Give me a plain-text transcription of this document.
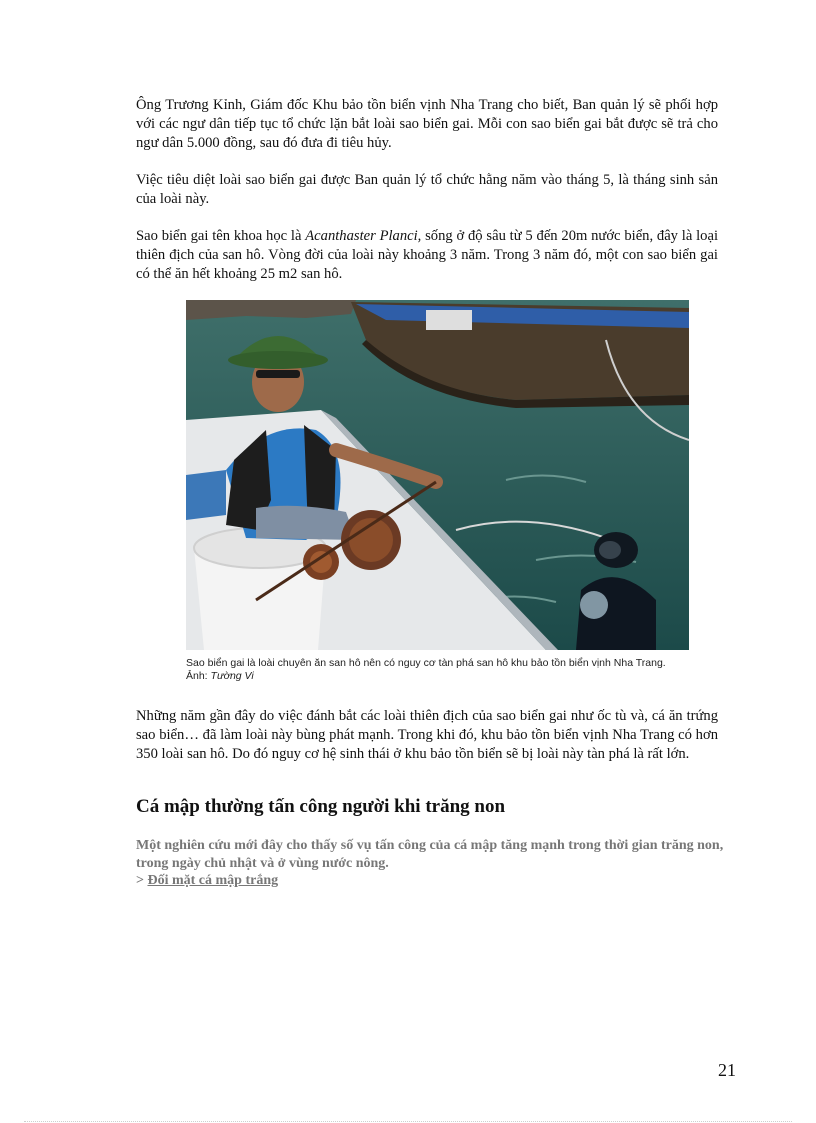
Ông Trương Kỉnh, Giám đốc Khu bảo tồn biển vịnh Nha Trang cho biết, Ban quản lý sẽ phối hợp với các ngư dân tiếp tục tổ chức lặn bắt loài sao biển gai. Mỗi con sao biển gai bắt được sẽ trả cho ngư dân 5.000 đồng, sau đó đưa đi tiêu hủy.

Việc tiêu diệt loài sao biển gai được Ban quản lý tổ chức hằng năm vào tháng 5, là tháng sinh sản của loài này.

Sao biển gai tên khoa học là Acanthaster Planci, sống ở độ sâu từ 5 đến 20m nước biển, đây là loại thiên địch của san hô. Vòng đời của loài này khoảng 3 năm. Trong 3 năm đó, một con sao biển gai có thể ăn hết khoảng 25 m2 san hô.

Sao biển gai là loài chuyên ăn san hô nên có nguy cơ tàn phá san hô khu bảo tồn biển vịnh Nha Trang. Ảnh: Tường Vi

Những năm gần đây do việc đánh bắt các loài thiên địch của sao biển gai như ốc tù và, cá ăn trứng sao biển… đã làm loài này bùng phát mạnh. Trong khi đó, khu bảo tồn biển vịnh Nha Trang có hơn 350 loài san hô. Do đó nguy cơ hệ sinh thái ở khu bảo tồn biển sẽ bị loài này tàn phá là rất lớn.

Cá mập thường tấn công người khi trăng non

Một nghiên cứu mới đây cho thấy số vụ tấn công của cá mập tăng mạnh trong thời gian trăng non, trong ngày chủ nhật và ở vùng nước nông.

> Đối mặt cá mập trắng

21
